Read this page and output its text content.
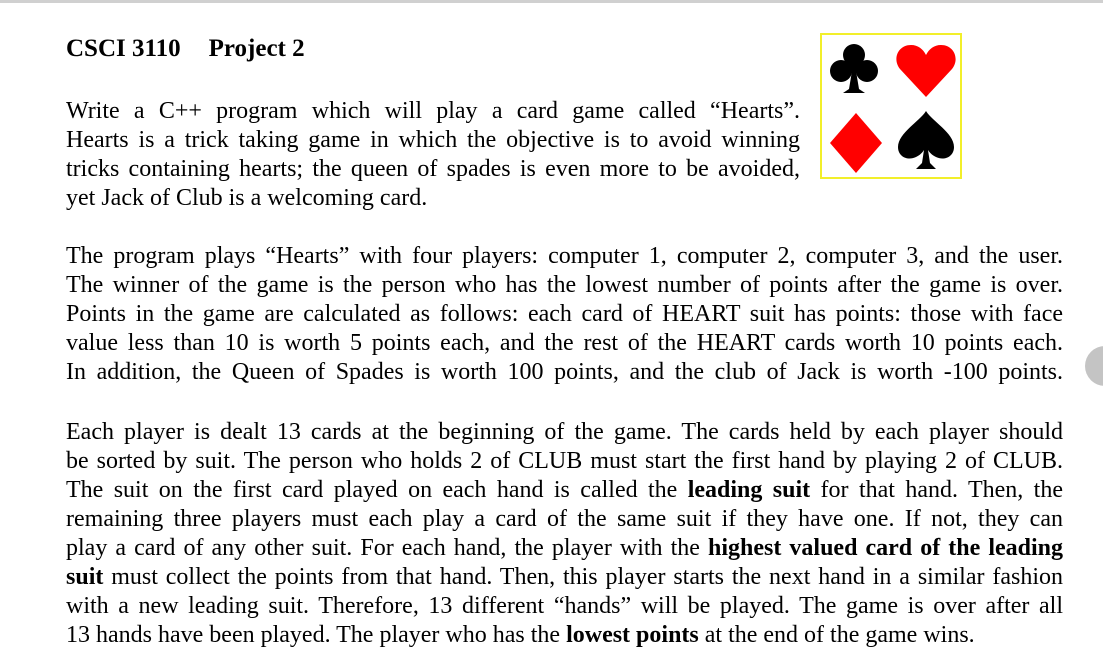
CSCI 3110 Project 2
Write a C++ program which will play a card game called “Hearts”.
Hearts is a trick taking game in which the objective is to avoid winning
tricks containing hearts; the queen of spades is even more to be avoided,
yet Jack of Club is a welcoming card.
The program plays “Hearts” with four players: computer 1, computer 2, computer 3, and the user.
The winner of the game is the person who has the lowest number of points after the game is over.
Points in the game are calculated as follows: each card of HEART suit has points: those with face
value less than 10 is worth 5 points each, and the rest of the HEART cards worth 10 points each.
In addition, the Queen of Spades is worth 100 points, and the club of Jack is worth -100 points.
Each player is dealt 13 cards at the beginning of the game. The cards held by each player should
be sorted by suit. The person who holds 2 of CLUB must start the first hand by playing 2 of CLUB.
The suit on the first card played on each hand is called the leading suit for that hand. Then, the
remaining three players must each play a card of the same suit if they have one. If not, they can
play a card of any other suit. For each hand, the player with the highest valued card of the leading
suit must collect the points from that hand. Then, this player starts the next hand in a similar fashion
with a new leading suit. Therefore, 13 different “hands” will be played. The game is over after all
13 hands have been played. The player who has the lowest points at the end of the game wins.
